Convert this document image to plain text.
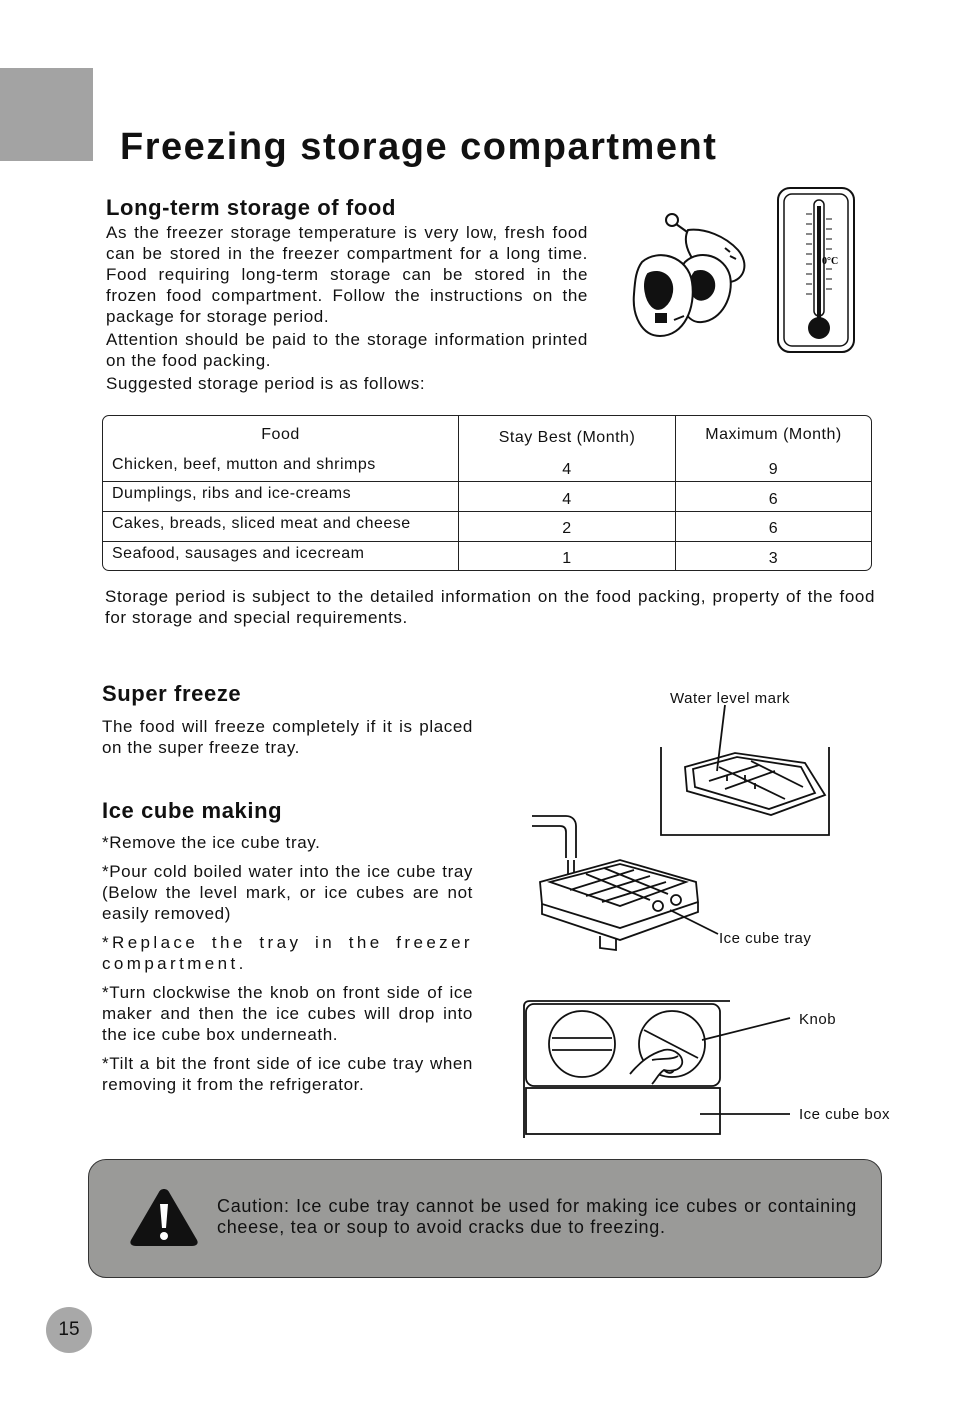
Freezing storage compartment
Long-term storage of food

As the freezer storage temperature is very low, fresh food can be stored in the freezer compartment for a long time. Food requiring long-term storage can be stored in the frozen food compartment. Follow the instructions on the package for storage period.

Attention should be paid to the storage information printed on the food packing.

Suggested storage period is as follows:

0°C
Food	Stay Best (Month)	Maximum (Month)
Chicken, beef, mutton and shrimps	4	9
Dumplings, ribs and ice-creams	4	6
Cakes, breads, sliced meat and cheese	2	6
Seafood, sausages and icecream	1	3
Storage period is subject to the detailed information on the food packing, property of the food for storage and special requirements.
Super freeze
The food will freeze completely if it is placed on the super freeze tray.
Ice cube making

*Remove the ice cube tray.

*Pour cold boiled water into the ice cube tray (Below the level mark, or ice cubes are not easily removed)

*Replace the tray in the freezer compartment.

*Turn clockwise the knob on front side of ice maker and then the ice cubes will drop into the ice cube box underneath.

*Tilt a bit the front side of ice cube tray when removing it from the refrigerator.

Water level mark
Ice cube tray
Knob
Ice cube box
Caution: Ice cube tray cannot be used for making ice cubes or containing cheese, tea or soup to avoid cracks due to freezing.
15
